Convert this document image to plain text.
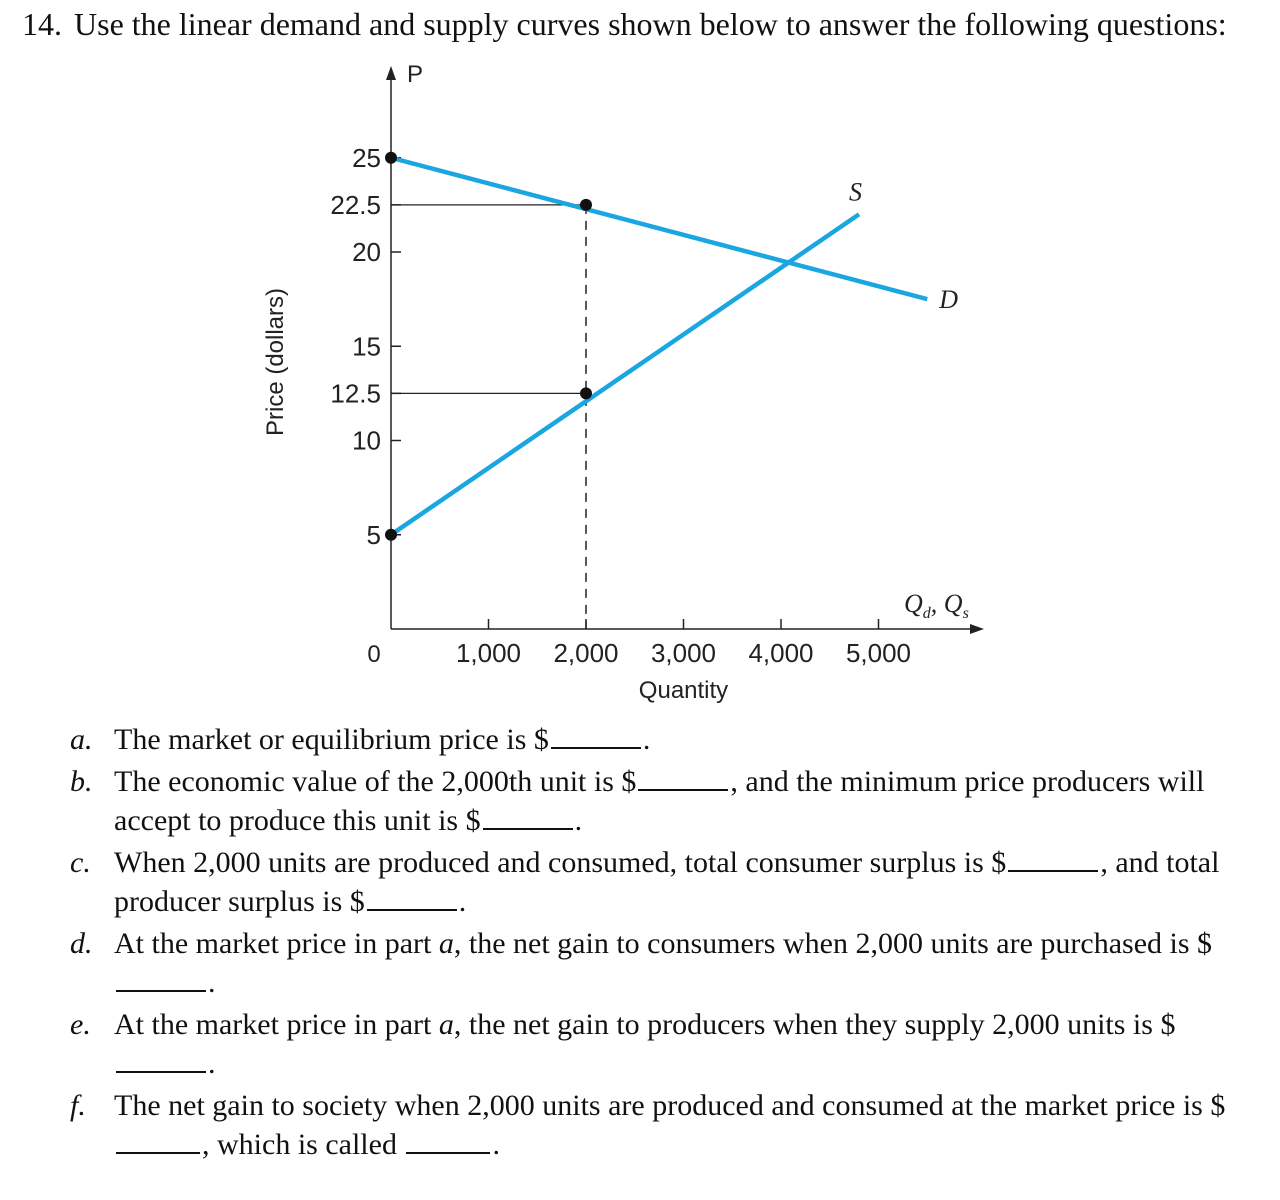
14. Use the linear demand and supply curves shown below to answer the following questions:
P
$Q_d$, $Q_s$
Price (dollars)
Quantity
0	1,000 2,000 3,000 4,000 5,000
25
22.5
20
15
12.5
10
5
D
S
a. The market or equilibrium price is $	.
b. The economic value of the 2,000th unit is $	, and the minimum price producers will accept to produce this unit is $	.
c. When 2,000 units are produced and consumed, total consumer surplus is $	, and total producer surplus is $	.
d. At the market price in part a, the net gain to consumers when 2,000 units are purchased is $.
e. At the market price in part a, the net gain to producers when they supply 2,000 units is $.
f. The net gain to society when 2,000 units are produced and consumed at the market price is $, which is called	.
